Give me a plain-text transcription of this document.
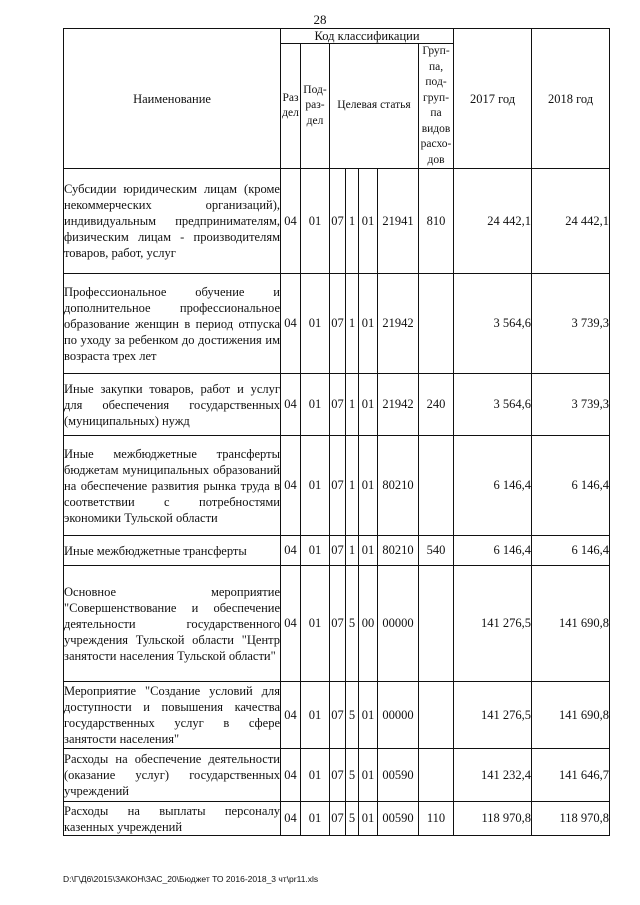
28
Наименование	Код классификации							2017 год	2018 год
	Раз дел	Под- раз- дел	Целевая статья				Груп- па, под- груп- па видов расхо- дов		
Субсидии юридическим лицам (кроме некоммерческих организаций), индивидуальным предпринимателям, физическим лицам - производителям товаров, работ, услуг	04	01	07	1	01	21941	810	24 442,1	24 442,1
Профессиональное обучение и дополнительное профессиональное образование женщин в период отпуска по уходу за ребенком до достижения им возраста трех лет	04	01	07	1	01	21942		3 564,6	3 739,3
Иные закупки товаров, работ и услуг для обеспечения государственных (муниципальных) нужд	04	01	07	1	01	21942	240	3 564,6	3 739,3
Иные межбюджетные трансферты бюджетам муниципальных образований на обеспечение развития рынка труда в соответствии с потребностями экономики Тульской области	04	01	07	1	01	80210		6 146,4	6 146,4
Иные межбюджетные трансферты	04	01	07	1	01	80210	540	6 146,4	6 146,4
Основное мероприятие "Совершенствование и обеспечение деятельности государственного учреждения Тульской области "Центр занятости населения Тульской области"	04	01	07	5	00	00000		141 276,5	141 690,8
Мероприятие "Создание условий для доступности и повышения качества государственных услуг в сфере занятости населения"	04	01	07	5	01	00000		141 276,5	141 690,8
Расходы на обеспечение деятельности (оказание услуг) государственных учреждений	04	01	07	5	01	00590		141 232,4	141 646,7
Расходы на выплаты персоналу казенных учреждений	04	01	07	5	01	00590	110	118 970,8	118 970,8
D:\Г\Д6\2015\ЗАКОН\ЗАС_20\Бюджет ТО 2016-2018_3 чт\pr11.xls
